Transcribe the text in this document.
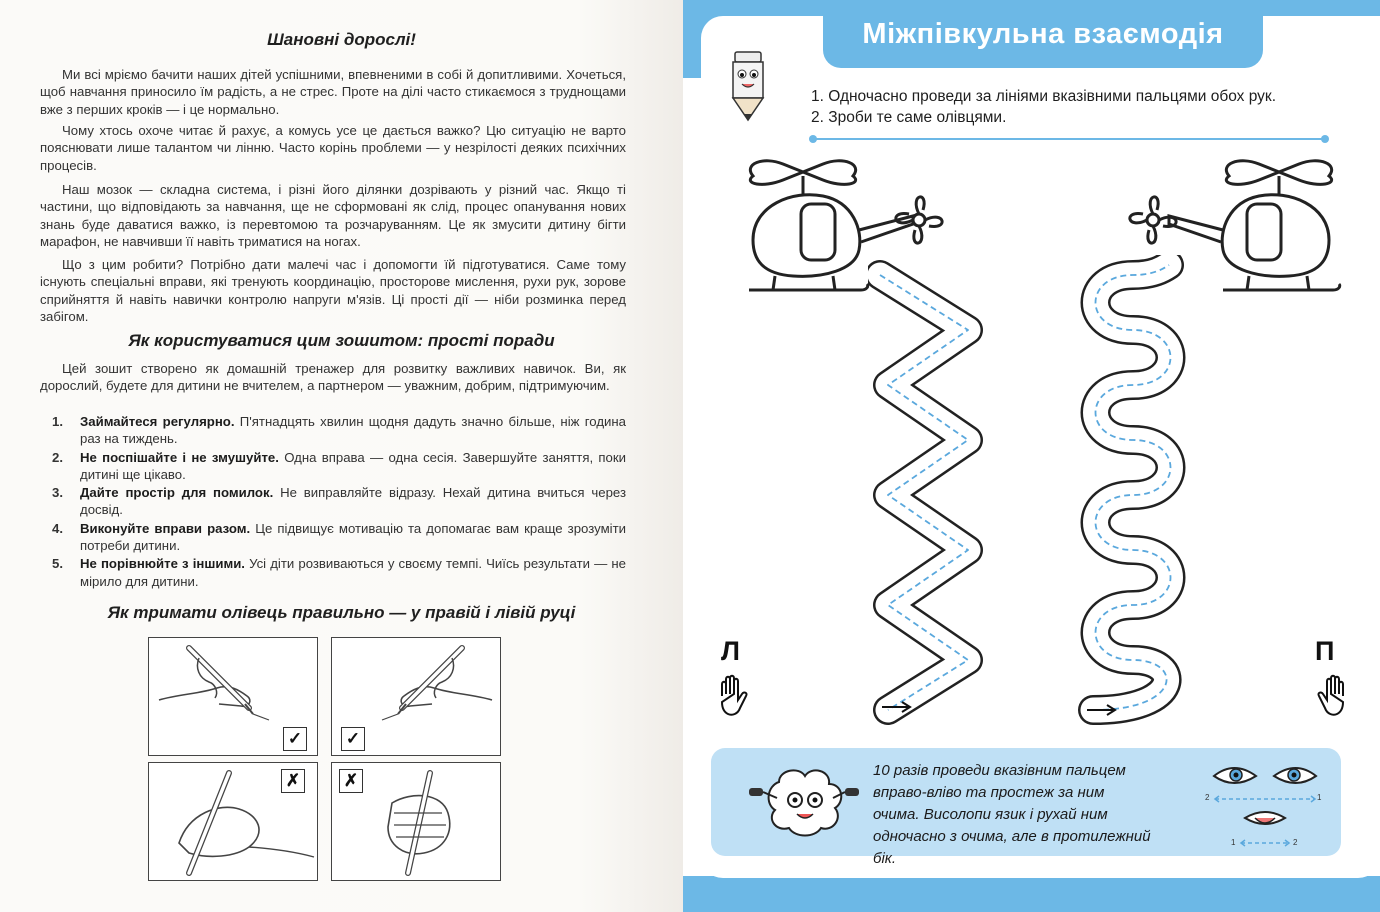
Шановні дорослі!

Ми всі мріємо бачити наших дітей успішними, впевненими в собі й допитливими. Хочеться, щоб навчання приносило їм радість, а не стрес. Проте на ділі часто стикаємося з труднощами вже з перших кроків — і це нормально.

Чому хтось охоче читає й рахує, а комусь усе це дається важко? Цю ситуацію не варто пояснювати лише талантом чи лінню. Часто корінь проблеми — у незрілості деяких психічних процесів.

Наш мозок — складна система, і різні його ділянки дозрівають у різний час. Якщо ті частини, що відповідають за навчання, ще не сформовані як слід, процес опанування нових знань буде даватися важко, із перевтомою та розчаруванням. Це як змусити дитину бігти марафон, не навчивши її навіть триматися на ногах.

Що з цим робити? Потрібно дати малечі час і допомогти їй підготуватися. Саме тому існують спеціальні вправи, які тренують координацію, просторове мислення, рухи рук, зорове сприйняття й навіть навички контролю напруги м'язів. Ці прості дії — ніби розминка перед забігом.

Як користуватися цим зошитом: прості поради

Цей зошит створено як домашній тренажер для розвитку важливих навичок. Ви, як дорослий, будете для дитини не вчителем, а партнером — уважним, добрим, підтримуючим.

1. Займайтеся регулярно. П'ятнадцять хвилин щодня дадуть значно більше, ніж година раз на тиждень.
2. Не поспішайте і не змушуйте. Одна вправа — одна сесія. Завершуйте заняття, поки дитині ще цікаво.
3. Дайте простір для помилок. Не виправляйте відразу. Нехай дитина вчиться через досвід.
4. Виконуйте вправи разом. Це підвищує мотивацію та допомагає вам краще зрозуміти потреби дитини.
5. Не порівнюйте з іншими. Усі діти розвиваються у своєму темпі. Чиїсь результати — не мірило для дитини.
Як тримати олівець правильно — у правій і лівій руці
✓	✓
✗	✗
Міжпівкульна взаємодія
1. Одночасно проведи за лініями вказівними пальцями обох рук.
2. Зроби те саме олівцями.
Л	П
10 разів проведи вказівним пальцем вправо-вліво та простеж за ним очима. Висолопи язик і рухай ним одночасно з очима, але в протилежний бік.
2	1
1	2
